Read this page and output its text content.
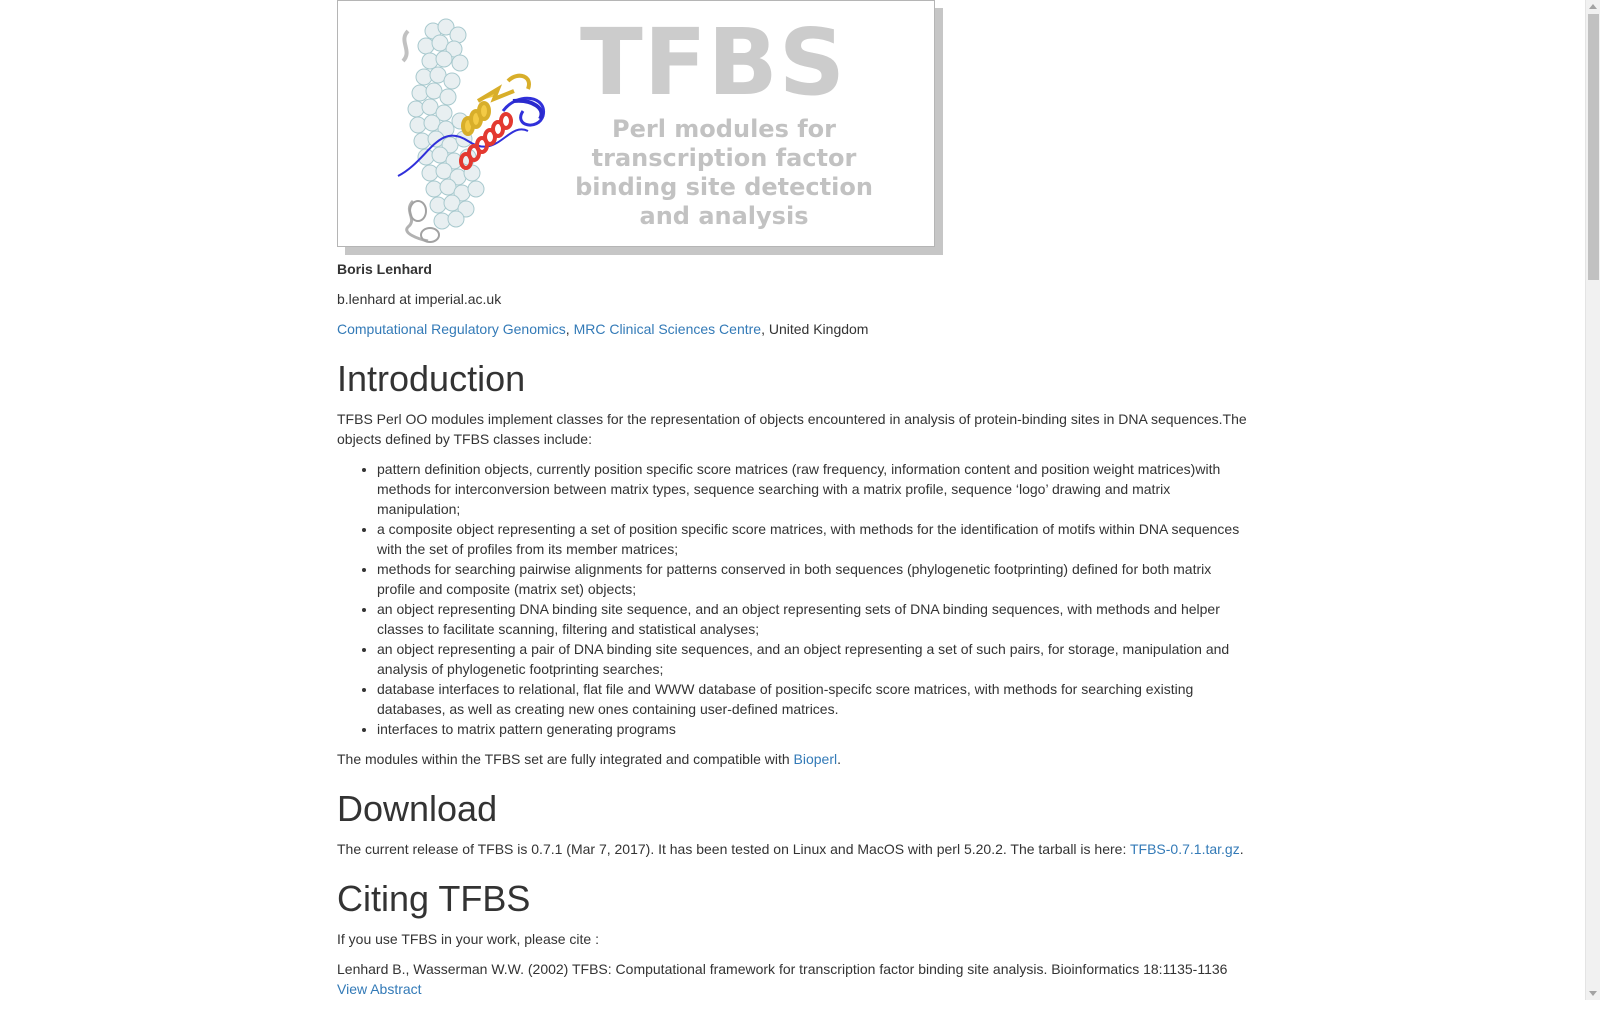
TFBS
Perl modules for
transcription factor
binding site detection
and analysis

Boris Lenhard

b.lenhard at imperial.ac.uk

Computational Regulatory Genomics, MRC Clinical Sciences Centre, United Kingdom

Introduction

TFBS Perl OO modules implement classes for the representation of objects encountered in analysis of protein-binding sites in DNA sequences.The objects defined by TFBS classes include:

• pattern definition objects, currently position specific score matrices (raw frequency, information content and position weight matrices)with methods for interconversion between matrix types, sequence searching with a matrix profile, sequence ‘logo’ drawing and matrix manipulation;
• a composite object representing a set of position specific score matrices, with methods for the identification of motifs within DNA sequences with the set of profiles from its member matrices;
• methods for searching pairwise alignments for patterns conserved in both sequences (phylogenetic footprinting) defined for both matrix profile and composite (matrix set) objects;
• an object representing DNA binding site sequence, and an object representing sets of DNA binding sequences, with methods and helper classes to facilitate scanning, filtering and statistical analyses;
• an object representing a pair of DNA binding site sequences, and an object representing a set of such pairs, for storage, manipulation and analysis of phylogenetic footprinting searches;
• database interfaces to relational, flat file and WWW database of position-specifc score matrices, with methods for searching existing databases, as well as creating new ones containing user-defined matrices.
• interfaces to matrix pattern generating programs

The modules within the TFBS set are fully integrated and compatible with Bioperl.

Download

The current release of TFBS is 0.7.1 (Mar 7, 2017). It has been tested on Linux and MacOS with perl 5.20.2. The tarball is here: TFBS-0.7.1.tar.gz.

Citing TFBS

If you use TFBS in your work, please cite :

Lenhard B., Wasserman W.W. (2002) TFBS: Computational framework for transcription factor binding site analysis. Bioinformatics 18:1135-1136
View Abstract
